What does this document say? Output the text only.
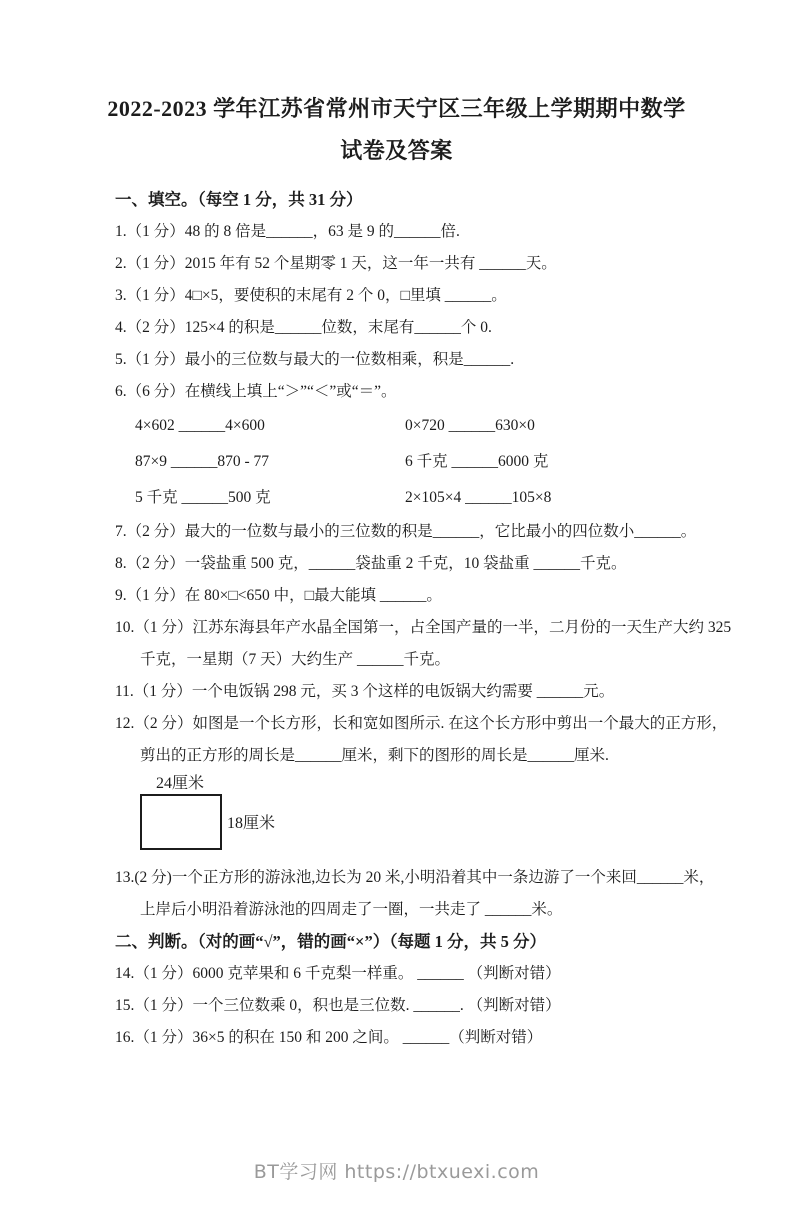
2022-2023 学年江苏省常州市天宁区三年级上学期期中数学
试卷及答案
一、填空。（每空 1 分，共 31 分）
1.（1 分）48 的 8 倍是______，63 是 9 的______倍.
2.（1 分）2015 年有 52 个星期零 1 天，这一年一共有 ______天。
3.（1 分）4□×5，要使积的末尾有 2 个 0，□里填 ______。
4.（2 分）125×4 的积是______位数，末尾有______个 0.
5.（1 分）最小的三位数与最大的一位数相乘，积是______.
6.（6 分）在横线上填上“＞”“＜”或“＝”。
4×602 ______4×600	0×720 ______630×0
87×9 ______870 - 77	6 千克 ______6000 克
5 千克 ______500 克	2×105×4 ______105×8
7.（2 分）最大的一位数与最小的三位数的积是______，它比最小的四位数小______。
8.（2 分）一袋盐重 500 克，______袋盐重 2 千克，10 袋盐重 ______千克。
9.（1 分）在 80×□<650 中，□最大能填 ______。
10.（1 分）江苏东海县年产水晶全国第一，占全国产量的一半，二月份的一天生产大约 325
千克，一星期（7 天）大约生产 ______千克。
11.（1 分）一个电饭锅 298 元，买 3 个这样的电饭锅大约需要 ______元。
12.（2 分）如图是一个长方形，长和宽如图所示. 在这个长方形中剪出一个最大的正方形，
剪出的正方形的周长是______厘米，剩下的图形的周长是______厘米.
24厘米
18厘米
13.(2 分)一个正方形的游泳池,边长为 20 米,小明沿着其中一条边游了一个来回______米，
上岸后小明沿着游泳池的四周走了一圈，一共走了 ______米。
二、判断。（对的画“√”，错的画“×”）（每题 1 分，共 5 分）
14.（1 分）6000 克苹果和 6 千克梨一样重。 ______ （判断对错）
15.（1 分）一个三位数乘 0，积也是三位数. ______. （判断对错）
16.（1 分）36×5 的积在 150 和 200 之间。 ______（判断对错）
BT学习网 https://btxuexi.com
